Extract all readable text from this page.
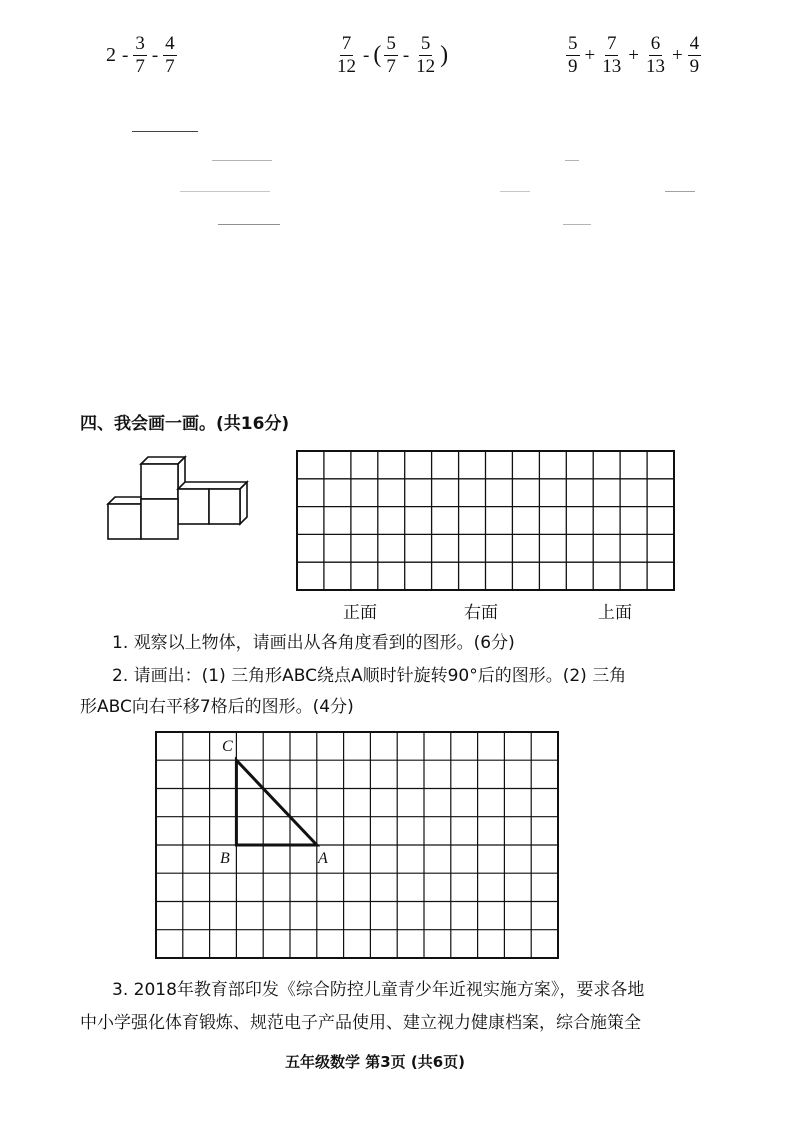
$2 - \frac{3}{7} - \frac{4}{7}$	$\frac{7}{12}$ - ( $\frac{5}{7} - \frac{5}{12}$ )	$\frac{5}{9} + \frac{7}{13} + \frac{6}{13} + \frac{4}{9}$
四、我会画一画。(共16分)
正面	右面	上面
1. 观察以上物体，请画出从各角度看到的图形。(6分)
2. 请画出：(1) 三角形ABC绕点A顺时针旋转90°后的图形。(2) 三角
形ABC向右平移7格后的图形。(4分)
C
B	A
3. 2018年教育部印发《综合防控儿童青少年近视实施方案》，要求各地
中小学强化体育锻炼、规范电子产品使用、建立视力健康档案，综合施策全
五年级数学 第3页 (共6页)
